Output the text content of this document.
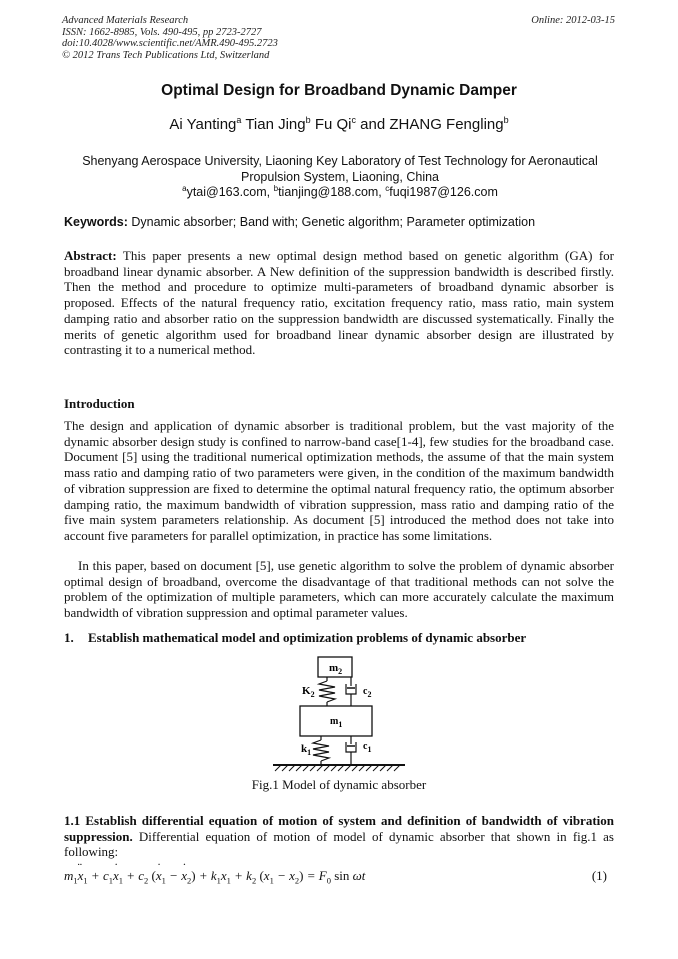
Advanced Materials Research
ISSN: 1662-8985, Vols. 490-495, pp 2723-2727
doi:10.4028/www.scientific.net/AMR.490-495.2723
© 2012 Trans Tech Publications Ltd, Switzerland
Online: 2012-03-15
Optimal Design for Broadband Dynamic Damper
Ai Yanting$^a$ Tian Jing$^b$ Fu Qi$^c$ and ZHANG Fengling$^b$
Shenyang Aerospace University, Liaoning Key Laboratory of Test Technology for Aeronautical Propulsion System, Liaoning, China
$^a$ytai@163.com, $^b$tianjing@188.com, $^c$fuqi1987@126.com
Keywords: Dynamic absorber; Band with; Genetic algorithm; Parameter optimization
Abstract: This paper presents a new optimal design method based on genetic algorithm (GA) for broadband linear dynamic absorber. A New definition of the suppression bandwidth is described firstly. Then the method and procedure to optimize multi-parameters of broadband dynamic absorber is proposed. Effects of the natural frequency ratio, excitation frequency ratio, mass ratio, main system damping ratio and absorber ratio on the suppression bandwidth are discussed systematically. Finally the merits of genetic algorithm used for broadband linear dynamic absorber design are illustrated by contrasting it to a numerical method.
Introduction
The design and application of dynamic absorber is traditional problem, but the vast majority of the dynamic absorber design study is confined to narrow-band case[1-4], few studies for the broadband case. Document [5] using the traditional numerical optimization methods, the assume of that the main system mass ratio and damping ratio of two parameters were given, in the condition of the maximum bandwidth of vibration suppression are fixed to determine the optimal natural frequency ratio, the optimum absorber damping ratio, the maximum bandwidth of vibration suppression, mass ratio and damping ratio of the five main system parameters relationship. As document [5] introduced the method does not take into account five parameters for parallel optimization, in practice has some limitations.
In this paper, based on document [5], use genetic algorithm to solve the problem of dynamic absorber optimal design of broadband, overcome the disadvantage of that traditional methods can not solve the problem of the optimization of multiple parameters, which can more accurately calculate the maximum bandwidth of vibration suppression and optimal parameter values.
1. Establish mathematical model and optimization problems of dynamic absorber
$m_2$
$K_2$	$c_2$
$m_1$
$k_1$
$c_1$
Fig.1 Model of dynamic absorber
1.1 Establish differential equation of motion of system and definition of bandwidth of vibration suppression. Differential equation of motion of model of dynamic absorber that shown in fig.1 as following:
$m_1x$ $¨_1 + c_1x$ $˙_1 + c_2$ (x $˙_1 - x$ $˙_2) + k_1x_1 + k_2$ $(x_1 - x_2) = F_0$ sin ωt	(1)
